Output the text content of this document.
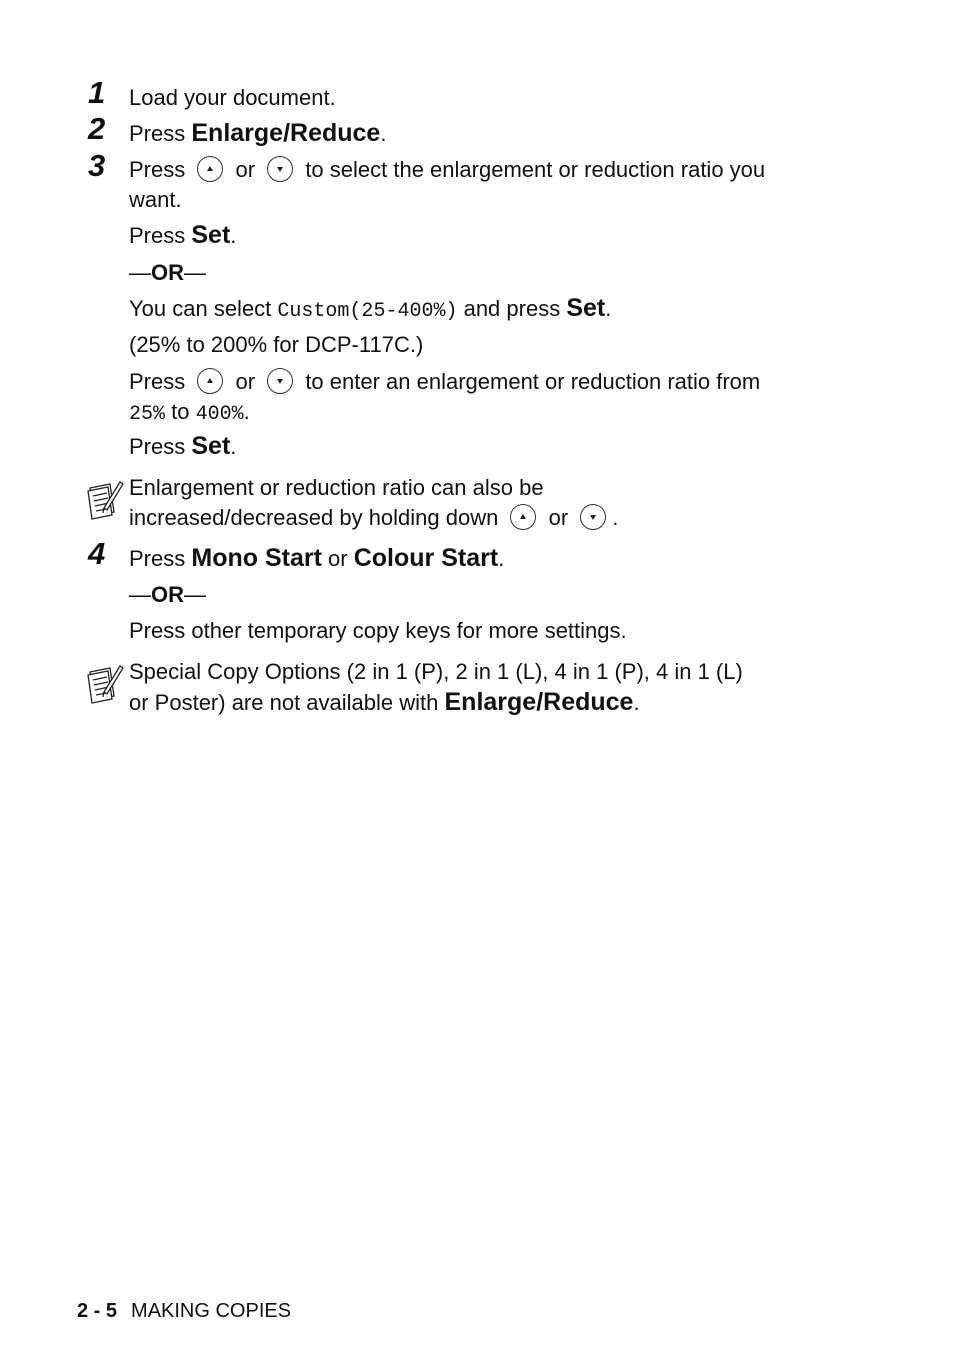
1 Load your document.
2 Press Enlarge/Reduce.
3 Press or to select the enlargement or reduction ratio you
want.
Press Set.
—OR—
You can select Custom(25-400%) and press Set.
(25% to 200% for DCP-117C.)
Press or to enter an enlargement or reduction ratio from
25% to 400%.
Press Set.
Enlargement or reduction ratio can also be
increased/decreased by holding down or .
4 Press Mono Start or Colour Start.
—OR—
Press other temporary copy keys for more settings.
Special Copy Options (2 in 1 (P), 2 in 1 (L), 4 in 1 (P), 4 in 1 (L)
or Poster) are not available with Enlarge/Reduce.
2 - 5 MAKING COPIES
